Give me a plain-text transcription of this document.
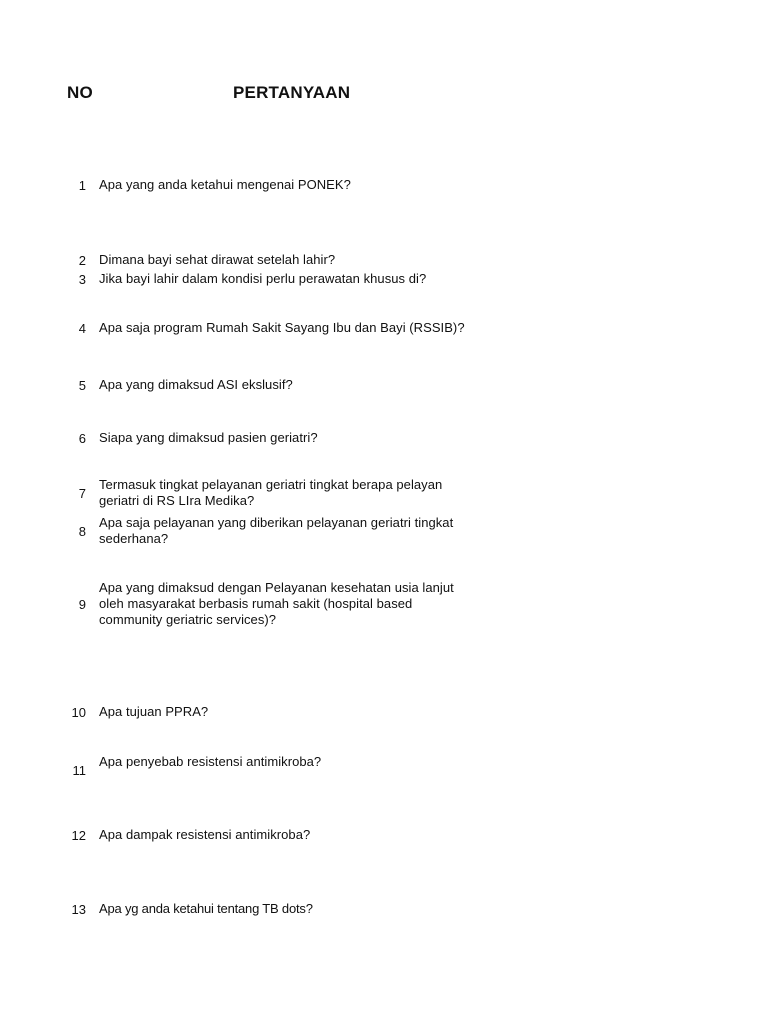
NO	PERTANYAAN
1 Apa yang anda ketahui mengenai PONEK?
2 Dimana bayi sehat dirawat setelah lahir?
3 Jika bayi lahir dalam kondisi perlu perawatan khusus di?
4 Apa saja program Rumah Sakit Sayang Ibu dan Bayi (RSSIB)?
5 Apa yang dimaksud ASI ekslusif?
6 Siapa yang dimaksud pasien geriatri?
7
Termasuk tingkat pelayanan geriatri tingkat berapa pelayan geriatri di RS LIra Medika?
8
Apa saja pelayanan yang diberikan pelayanan geriatri tingkat sederhana?
9
Apa yang dimaksud dengan Pelayanan kesehatan usia lanjut oleh masyarakat berbasis rumah sakit (hospital based community geriatric services)?
10 Apa tujuan PPRA?
11
Apa penyebab resistensi antimikroba?
12 Apa dampak resistensi antimikroba?
13 Apa yg anda ketahui tentang TB dots?
